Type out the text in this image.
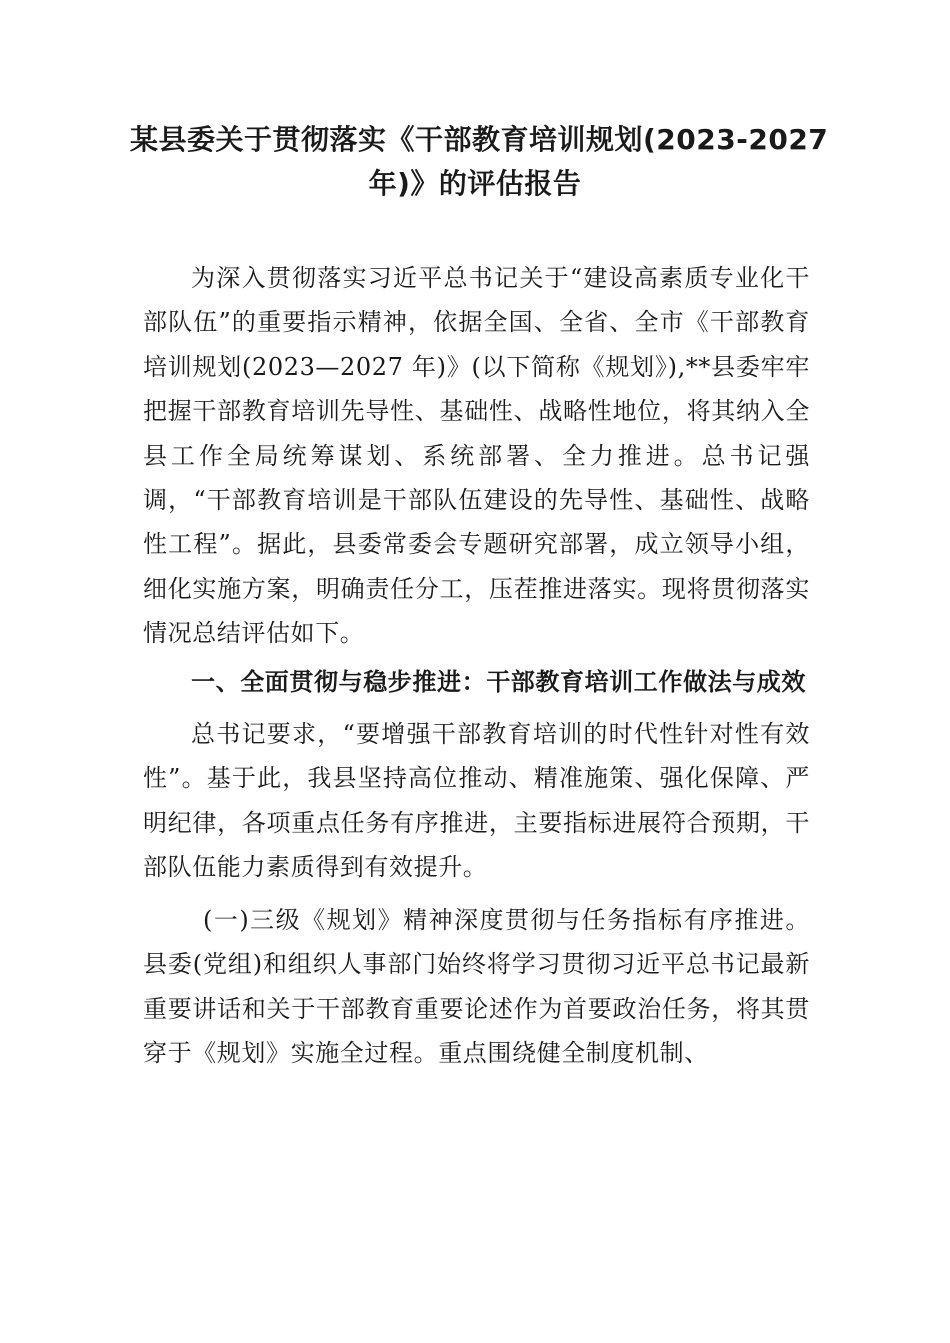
某县委关于贯彻落实《干部教育培训规划(2023-2027
年)》的评估报告

为深入贯彻落实习近平总书记关于“建设高素质专业化干部队伍”的重要指示精神，依据全国、全省、全市《干部教育培训规划(2023—2027 年)》(以下简称《规划》),**县委牢牢把握干部教育培训先导性、基础性、战略性地位，将其纳入全县工作全局统筹谋划、系统部署、全力推进。总书记强调，“干部教育培训是干部队伍建设的先导性、基础性、战略性工程”。据此，县委常委会专题研究部署，成立领导小组，细化实施方案，明确责任分工，压茬推进落实。现将贯彻落实情况总结评估如下。

一、全面贯彻与稳步推进：干部教育培训工作做法与成效

总书记要求，“要增强干部教育培训的时代性针对性有效性”。基于此，我县坚持高位推动、精准施策、强化保障、严明纪律，各项重点任务有序推进，主要指标进展符合预期，干部队伍能力素质得到有效提升。

(一)三级《规划》精神深度贯彻与任务指标有序推进。县委(党组)和组织人事部门始终将学习贯彻习近平总书记最新重要讲话和关于干部教育重要论述作为首要政治任务，将其贯穿于《规划》实施全过程。重点围绕健全制度机制、
